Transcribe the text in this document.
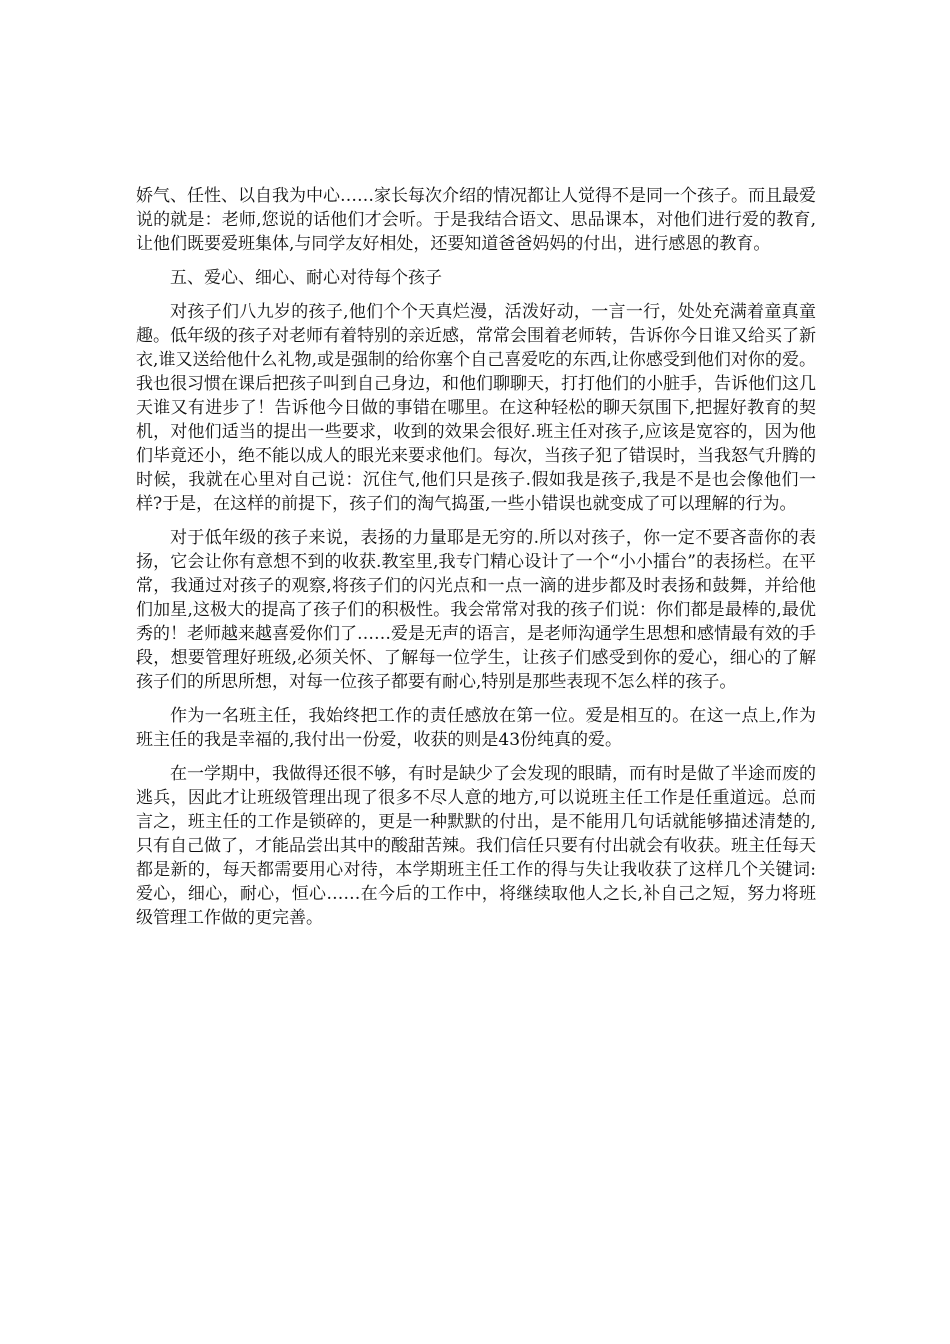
娇气、任性、以自我为中心……家长每次介绍的情况都让人觉得不是同一个孩子。而且最爱说的就是：老师,您说的话他们才会听。于是我结合语文、思品课本，对他们进行爱的教育,让他们既要爱班集体,与同学友好相处，还要知道爸爸妈妈的付出，进行感恩的教育。

五、爱心、细心、耐心对待每个孩子

对孩子们八九岁的孩子,他们个个天真烂漫，活泼好动，一言一行，处处充满着童真童趣。低年级的孩子对老师有着特别的亲近感，常常会围着老师转，告诉你今日谁又给买了新衣,谁又送给他什么礼物,或是强制的给你塞个自己喜爱吃的东西,让你感受到他们对你的爱。我也很习惯在课后把孩子叫到自己身边，和他们聊聊天，打打他们的小脏手，告诉他们这几天谁又有进步了！告诉他今日做的事错在哪里。在这种轻松的聊天氛围下,把握好教育的契机，对他们适当的提出一些要求，收到的效果会很好.班主任对孩子,应该是宽容的，因为他们毕竟还小，绝不能以成人的眼光来要求他们。每次，当孩子犯了错误时，当我怒气升腾的时候，我就在心里对自己说：沉住气,他们只是孩子.假如我是孩子,我是不是也会像他们一样?于是，在这样的前提下，孩子们的淘气捣蛋,一些小错误也就变成了可以理解的行为。

对于低年级的孩子来说，表扬的力量耶是无穷的.所以对孩子，你一定不要吝啬你的表扬，它会让你有意想不到的收获.教室里,我专门精心设计了一个“小小擂台”的表扬栏。在平常，我通过对孩子的观察,将孩子们的闪光点和一点一滴的进步都及时表扬和鼓舞，并给他们加星,这极大的提高了孩子们的积极性。我会常常对我的孩子们说：你们都是最棒的,最优秀的！老师越来越喜爱你们了……爱是无声的语言，是老师沟通学生思想和感情最有效的手段，想要管理好班级,必须关怀、了解每一位学生，让孩子们感受到你的爱心，细心的了解孩子们的所思所想，对每一位孩子都要有耐心,特别是那些表现不怎么样的孩子。

作为一名班主任，我始终把工作的责任感放在第一位。爱是相互的。在这一点上,作为班主任的我是幸福的,我付出一份爱，收获的则是43份纯真的爱。

在一学期中，我做得还很不够，有时是缺少了会发现的眼睛，而有时是做了半途而废的逃兵，因此才让班级管理出现了很多不尽人意的地方,可以说班主任工作是任重道远。总而言之，班主任的工作是锁碎的，更是一种默默的付出，是不能用几句话就能够描述清楚的,只有自己做了，才能品尝出其中的酸甜苦辣。我们信任只要有付出就会有收获。班主任每天都是新的，每天都需要用心对待，本学期班主任工作的得与失让我收获了这样几个关键词:爱心，细心，耐心，恒心……在今后的工作中，将继续取他人之长,补自己之短，努力将班级管理工作做的更完善。
